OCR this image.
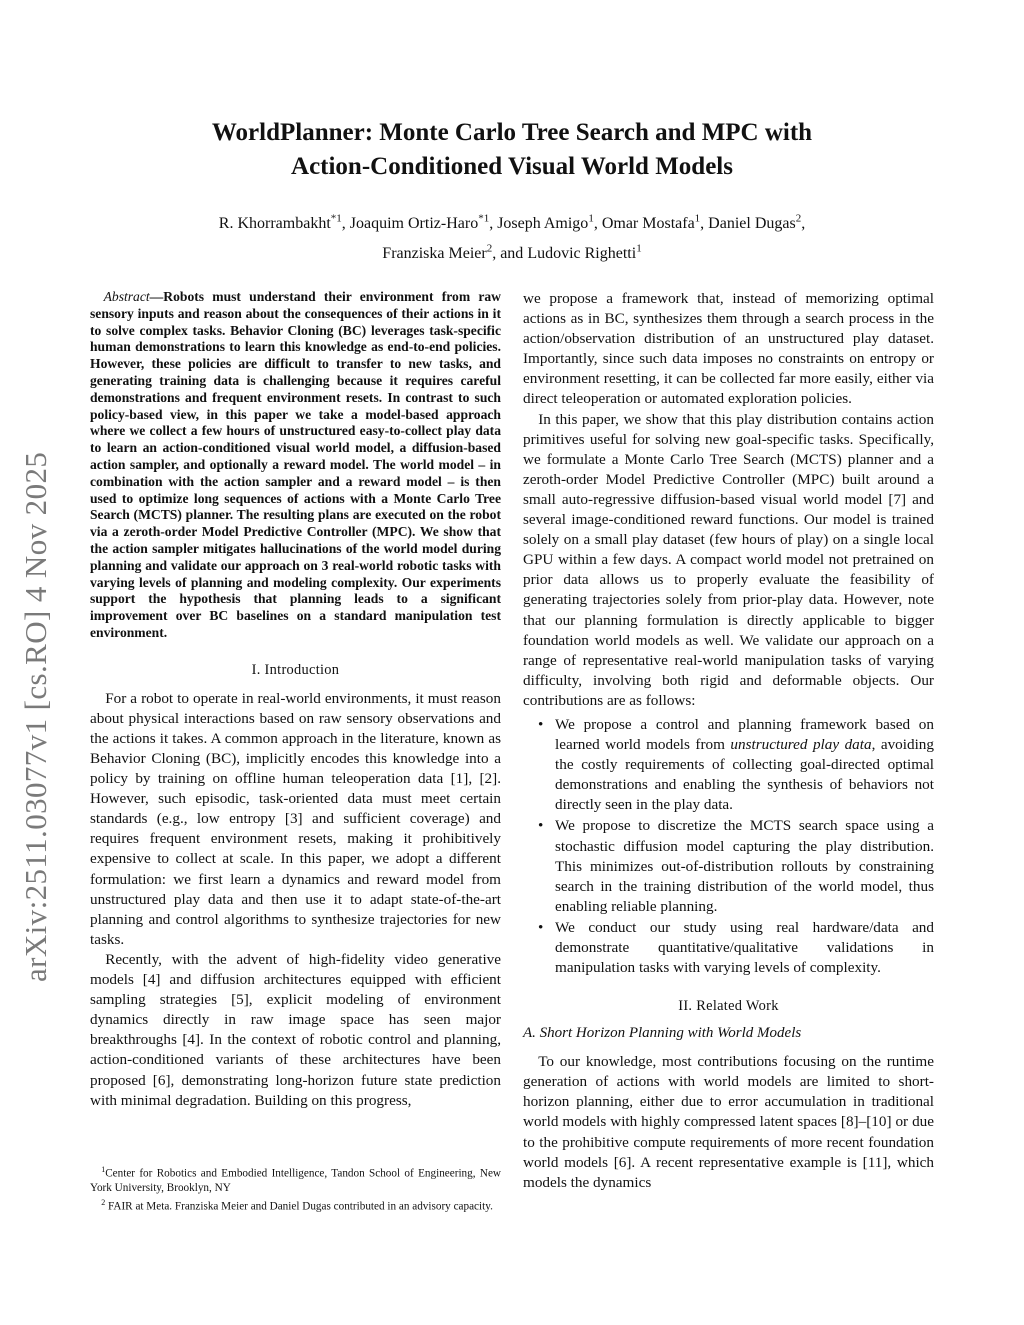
arXiv:2511.03077v1 [cs.RO] 4 Nov 2025
WorldPlanner: Monte Carlo Tree Search and MPC with
Action-Conditioned Visual World Models
R. Khorrambakht$^{*1}$, Joaquim Ortiz-Haro$^{*1}$, Joseph Amigo$^1$, Omar Mostafa$^1$, Daniel Dugas$^2$,
Franziska Meier$^2$, and Ludovic Righetti$^1$

Abstract—Robots must understand their environment from raw sensory inputs and reason about the consequences of their actions in it to solve complex tasks. Behavior Cloning (BC) leverages task-specific human demonstrations to learn this knowledge as end-to-end policies. However, these policies are difficult to transfer to new tasks, and generating training data is challenging because it requires careful demonstrations and frequent environment resets. In contrast to such policy-based view, in this paper we take a model-based approach where we collect a few hours of unstructured easy-to-collect play data to learn an action-conditioned visual world model, a diffusion-based action sampler, and optionally a reward model. The world model – in combination with the action sampler and a reward model – is then used to optimize long sequences of actions with a Monte Carlo Tree Search (MCTS) planner. The resulting plans are executed on the robot via a zeroth-order Model Predictive Controller (MPC). We show that the action sampler mitigates hallucinations of the world model during planning and validate our approach on 3 real-world robotic tasks with varying levels of planning and modeling complexity. Our experiments support the hypothesis that planning leads to a significant improvement over BC baselines on a standard manipulation test environment.

I. Introduction

For a robot to operate in real-world environments, it must reason about physical interactions based on raw sensory observations and the actions it takes. A common approach in the literature, known as Behavior Cloning (BC), implicitly encodes this knowledge into a policy by training on offline human teleoperation data [1], [2]. However, such episodic, task-oriented data must meet certain standards (e.g., low entropy [3] and sufficient coverage) and requires frequent environment resets, making it prohibitively expensive to collect at scale. In this paper, we adopt a different formulation: we first learn a dynamics and reward model from unstructured play data and then use it to adapt state-of-the-art planning and control algorithms to synthesize trajectories for new tasks.

Recently, with the advent of high-fidelity video generative models [4] and diffusion architectures equipped with efficient sampling strategies [5], explicit modeling of environment dynamics directly in raw image space has seen major breakthroughs [4]. In the context of robotic control and planning, action-conditioned variants of these architectures have been proposed [6], demonstrating long-horizon future state prediction with minimal degradation. Building on this progress,

$^1$Center for Robotics and Embodied Intelligence, Tandon School of Engineering, New York University, Brooklyn, NY

$^2$ FAIR at Meta. Franziska Meier and Daniel Dugas contributed in an advisory capacity.

we propose a framework that, instead of memorizing optimal actions as in BC, synthesizes them through a search process in the action/observation distribution of an unstructured play dataset. Importantly, since such data imposes no constraints on entropy or environment resetting, it can be collected far more easily, either via direct teleoperation or automated exploration policies.

In this paper, we show that this play distribution contains action primitives useful for solving new goal-specific tasks. Specifically, we formulate a Monte Carlo Tree Search (MCTS) planner and a zeroth-order Model Predictive Controller (MPC) built around a small auto-regressive diffusion-based visual world model [7] and several image-conditioned reward functions. Our model is trained solely on a small play dataset (few hours of play) on a single local GPU within a few days. A compact world model not pretrained on prior data allows us to properly evaluate the feasibility of generating trajectories solely from prior-play data. However, note that our planning formulation is directly applicable to bigger foundation world models as well. We validate our approach on a range of representative real-world manipulation tasks of varying difficulty, involving both rigid and deformable objects. Our contributions are as follows:

• We propose a control and planning framework based on learned world models from unstructured play data, avoiding the costly requirements of collecting goal-directed optimal demonstrations and enabling the synthesis of behaviors not directly seen in the play data.
• We propose to discretize the MCTS search space using a stochastic diffusion model capturing the play distribution. This minimizes out-of-distribution rollouts by constraining search in the training distribution of the world model, thus enabling reliable planning.
• We conduct our study using real hardware/data and demonstrate quantitative/qualitative validations in manipulation tasks with varying levels of complexity.
II. Related Work
A. Short Horizon Planning with World Models

To our knowledge, most contributions focusing on the runtime generation of actions with world models are limited to short-horizon planning, either due to error accumulation in traditional world models with highly compressed latent spaces [8]–[10] or due to the prohibitive compute requirements of more recent foundation world models [6]. A recent representative example is [11], which models the dynamics
